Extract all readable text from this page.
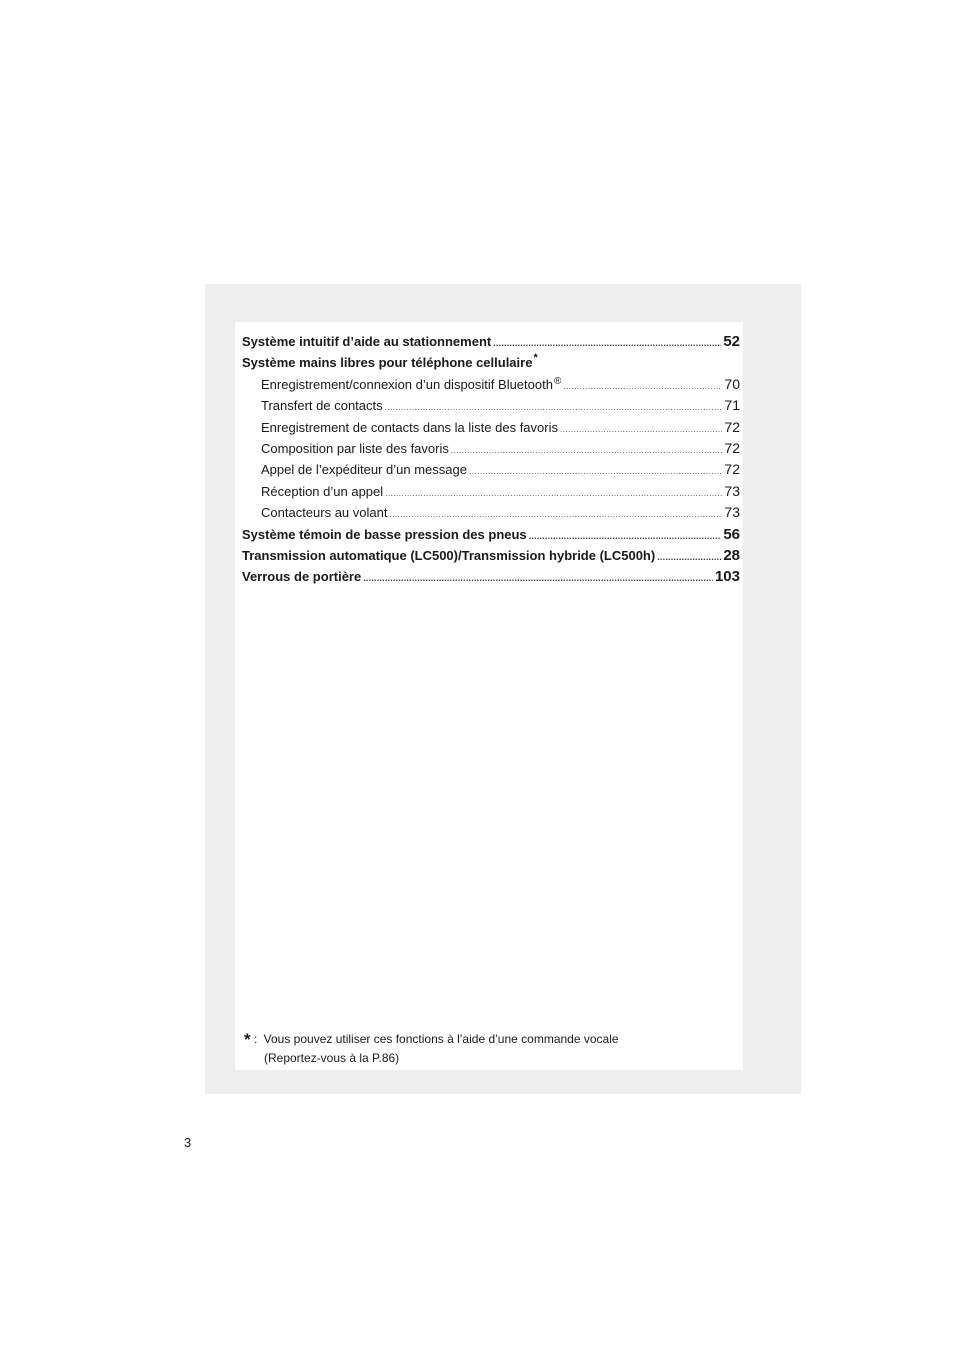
Système intuitif d’aide au stationnement .....	52
Système mains libres pour téléphone cellulaire *
Enregistrement/connexion d’un dispositif Bluetooth ® .....	70
Transfert de contacts .....	71
Enregistrement de contacts dans la liste des favoris .....	72
Composition par liste des favoris .....	72
Appel de l’expéditeur d’un message .....	72
Réception d’un appel .....	73
Contacteurs au volant .....	73
Système témoin de basse pression des pneus .....	56
Transmission automatique (LC500)/Transmission hybride (LC500h) .....	28
Verrous de portière .....	103
* : Vous pouvez utiliser ces fonctions à l’aide d’une commande vocale
(Reportez-vous à la P.86)
3
